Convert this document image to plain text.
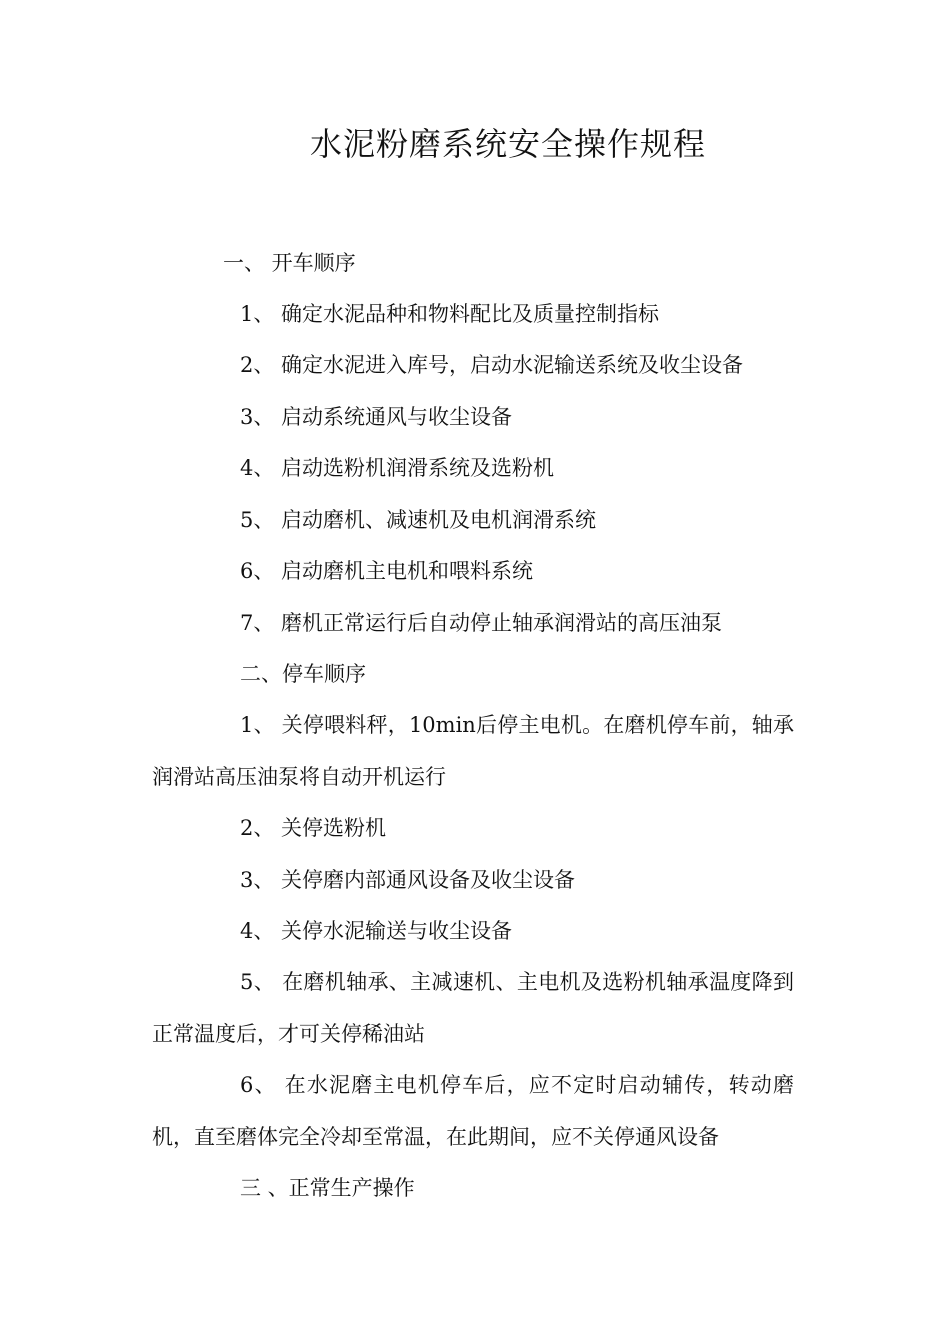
水泥粉磨系统安全操作规程
一、 开车顺序
1、 确定水泥品种和物料配比及质量控制指标
2、 确定水泥进入库号，启动水泥输送系统及收尘设备
3、 启动系统通风与收尘设备
4、 启动选粉机润滑系统及选粉机
5、 启动磨机、减速机及电机润滑系统
6、 启动磨机主电机和喂料系统
7、 磨机正常运行后自动停止轴承润滑站的高压油泵
二、停车顺序
1、 关停喂料秤，10min后停主电机。在磨机停车前，轴承润滑站高压油泵将自动开机运行
2、 关停选粉机
3、 关停磨内部通风设备及收尘设备
4、 关停水泥输送与收尘设备
5、 在磨机轴承、主减速机、主电机及选粉机轴承温度降到正常温度后，才可关停稀油站
6、 在水泥磨主电机停车后，应不定时启动辅传，转动磨机，直至磨体完全冷却至常温，在此期间，应不关停通风设备
三 、正常生产操作
